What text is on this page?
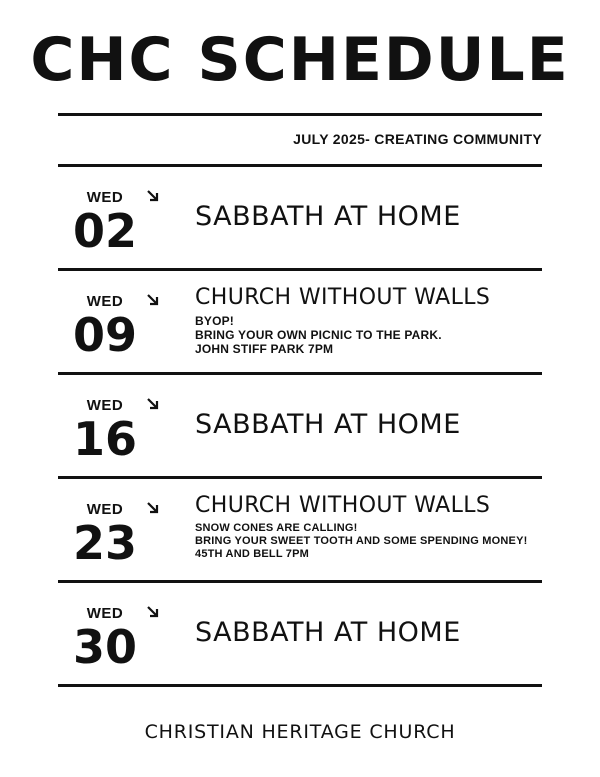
CHC SCHEDULE
JULY 2025- CREATING COMMUNITY
WED
02 SABBATH AT HOME
WED
09
CHURCH WITHOUT WALLS
BYOP!
BRING YOUR OWN PICNIC TO THE PARK.
JOHN STIFF PARK 7PM
WED
16 SABBATH AT HOME
WED
23
CHURCH WITHOUT WALLS
SNOW CONES ARE CALLING!
BRING YOUR SWEET TOOTH AND SOME SPENDING MONEY!
45TH AND BELL 7PM
WED
30 SABBATH AT HOME
CHRISTIAN HERITAGE CHURCH
